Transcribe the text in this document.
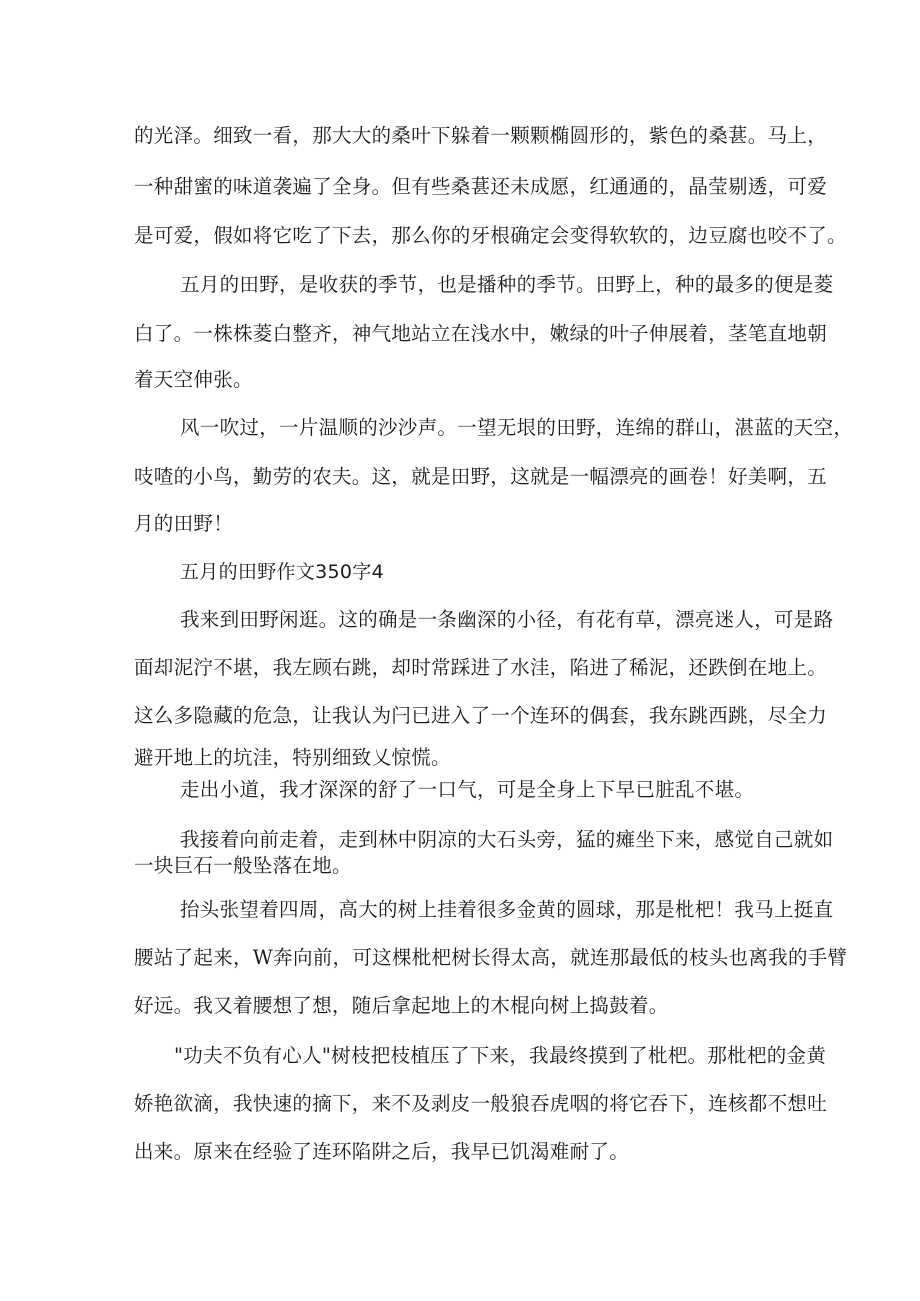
的光泽。细致一看，那大大的桑叶下躲着一颗颗椭圆形的，紫色的桑葚。马上，
一种甜蜜的味道袭遍了全身。但有些桑葚还未成愿，红通通的，晶莹剔透，可爱
是可爱，假如将它吃了下去，那么你的牙根确定会变得软软的，边豆腐也咬不了。
五月的田野，是收获的季节，也是播种的季节。田野上，种的最多的便是菱
白了。一株株菱白整齐，神气地站立在浅水中，嫩绿的叶子伸展着，茎笔直地朝
着天空伸张。
风一吹过，一片温顺的沙沙声。一望无垠的田野，连绵的群山，湛蓝的天空，
吱喳的小鸟，勤劳的农夫。这，就是田野，这就是一幅漂亮的画卷！好美啊，五
月的田野！
五月的田野作文350字4
我来到田野闲逛。这的确是一条幽深的小径，有花有草，漂亮迷人，可是路
面却泥泞不堪，我左顾右跳，却时常踩进了水洼，陷进了稀泥，还跌倒在地上。
这么多隐藏的危急，让我认为闩已进入了一个连环的偶套，我东跳西跳，尽全力
避开地上的坑洼，特别细致乂惊慌。
走出小道，我才深深的舒了一口气，可是全身上下早已脏乱不堪。
我接着向前走着，走到林中阴凉的大石头旁，猛的瘫坐下来，感觉自己就如
一块巨石一般坠落在地。
抬头张望着四周，高大的树上挂着很多金黄的圆球，那是枇杷！我马上挺直
腰站了起来，W奔向前，可这棵枇杷树长得太高，就连那最低的枝头也离我的手臂
好远。我又着腰想了想，随后拿起地上的木棍向树上捣鼓着。
"功夫不负有心人"树枝把枝植压了下来，我最终摸到了枇杷。那枇杷的金黄
娇艳欲滴，我快速的摘下，来不及剥皮一般狼吞虎咽的将它吞下，连核都不想吐
出来。原来在经验了连环陷阱之后，我早已饥渴难耐了。
